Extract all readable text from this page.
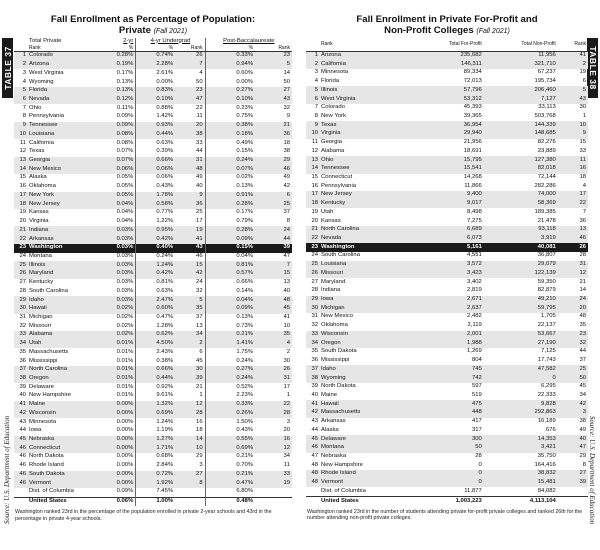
TABLE 37	TABLE 38
Source: U.S. Department of Education	Source: U.S. Department of Education
Fall Enrollment as Percentage of Population:
Private (Fall 2021)
	Total Private	2-yr	4-yr Undergrad		Post-Baccalaureate	
	Rank	%	%	Rank	%	Rank
1	Colorado	0.28%	0.74%	26	0.33%	23
2	Arizona	0.19%	2.28%	7	0.94%	5
3	West Virginia	0.17%	2.61%	4	0.60%	14
4	Wyoming	0.13%	0.00%	50	0.00%	50
5	Florida	0.13%	0.83%	23	0.27%	27
6	Nevada	0.12%	0.10%	47	0.10%	43
7	Ohio	0.11%	0.88%	22	0.23%	32
8	Pennsylvania	0.09%	1.42%	11	0.75%	9
9	Tennessee	0.09%	0.93%	20	0.38%	21
10	Louisiana	0.08%	0.44%	38	0.18%	36
11	California	0.08%	0.63%	33	0.49%	18
12	Texas	0.07%	0.39%	44	0.15%	38
13	Georgia	0.07%	0.66%	31	0.24%	29
14	New Mexico	0.06%	0.06%	48	0.07%	46
15	Alaska	0.05%	0.06%	49	0.02%	49
16	Oklahoma	0.05%	0.43%	40	0.13%	42
17	New York	0.05%	1.78%	9	0.91%	6
18	New Jersey	0.04%	0.58%	36	0.28%	25
19	Kansas	0.04%	0.77%	25	0.17%	37
20	Virginia	0.04%	1.22%	17	0.79%	8
21	Indiana	0.03%	0.95%	19	0.28%	24
22	Arkansas	0.03%	0.42%	41	0.09%	44
23	Washington	0.03%	0.40%	43	0.15%	39
24	Montana	0.03%	0.24%	46	0.04%	47
25	Illinois	0.03%	1.24%	15	0.81%	7
26	Maryland	0.03%	0.42%	42	0.57%	15
27	Kentucky	0.03%	0.81%	24	0.66%	13
28	South Carolina	0.03%	0.63%	32	0.14%	40
29	Idaho	0.03%	2.47%	5	0.04%	48
30	Hawaii	0.02%	0.60%	35	0.09%	45
31	Michigan	0.02%	0.47%	37	0.13%	41
32	Missouri	0.02%	1.28%	13	0.73%	10
33	Alabama	0.02%	0.62%	34	0.21%	35
34	Utah	0.01%	4.50%	2	1.41%	4
35	Massachusetts	0.01%	2.43%	6	1.75%	2
36	Mississippi	0.01%	0.38%	45	0.24%	30
37	North Carolina	0.01%	0.66%	30	0.27%	26
38	Oregon	0.01%	0.44%	39	0.24%	31
39	Delaware	0.01%	0.92%	21	0.52%	17
40	New Hampshire	0.01%	9.61%	1	2.23%	1
41	Maine	0.00%	1.32%	12	0.33%	22
42	Wisconsin	0.00%	0.69%	28	0.26%	28
43	Minnesota	0.00%	1.24%	16	1.50%	3
44	Iowa	0.00%	1.19%	18	0.43%	20
45	Nebraska	0.00%	1.27%	14	0.55%	16
46	Connecticut	0.00%	1.71%	10	0.69%	12
46	North Dakota	0.00%	0.68%	29	0.21%	34
46	Rhode Island	0.00%	2.84%	3	0.70%	11
46	South Dakota	0.00%	0.72%	27	0.21%	33
46	Vermont	0.00%	1.92%	8	0.47%	19
	Dist. of Columbia	0.09%	7.45%		6.80%	
	United States	0.06%	1.00%		0.48%	
Washington ranked 23rd in the percentage of the population enrolled in private 2-year schools and 43rd in the percentage in private 4-year schools.
Fall Enrollment in Private For-Profit and
Non-Profit Colleges (Fall 2021)
	Rank	Total For-Profit	Total Non-Profit	Rank
1	Arizona	235,682	11,956	41
2	California	146,311	321,710	2
3	Minnesota	89,334	67,237	19
4	Florida	72,013	195,734	6
5	Illinois	57,796	206,460	5
6	West Virginia	53,312	7,127	43
7	Colorado	45,393	33,113	30
8	New York	39,365	503,768	1
9	Texas	36,954	144,339	10
10	Virginia	29,940	148,685	9
11	Georgia	21,956	82,276	15
12	Alabama	18,691	23,889	33
13	Ohio	15,795	127,380	11
14	Tennessee	15,541	82,018	16
15	Connecticut	14,268	72,144	18
16	Pennsylvania	11,866	282,286	4
17	New Jersey	9,400	74,000	17
18	Kentucky	9,017	58,369	22
19	Utah	8,498	189,385	7
20	Kansas	7,275	21,478	36
21	North Carolina	6,689	93,118	13
22	Nevada	6,073	3,919	46
23	Washington	5,161	40,081	26
24	South Carolina	4,551	36,807	28
25	Louisiana	3,572	29,079	31
26	Missouri	3,423	122,139	12
27	Maryland	3,402	59,350	21
28	Indiana	2,819	82,879	14
29	Iowa	2,671	49,210	24
30	Michigan	2,637	59,795	20
31	New Mexico	2,482	1,705	48
32	Oklahoma	2,119	22,137	35
33	Wisconsin	2,001	53,667	23
34	Oregon	1,988	27,190	32
35	South Dakota	1,269	7,125	44
36	Mississippi	804	17,743	37
37	Idaho	745	47,582	25
38	Wyoming	742	0	50
39	North Dakota	597	6,295	45
40	Maine	519	22,333	34
41	Hawaii	475	9,828	42
42	Massachusetts	448	292,863	3
43	Arkansas	417	16,189	38
44	Alaska	317	676	49
45	Delaware	300	14,353	40
46	Montana	50	3,421	47
47	Nebraska	28	35,750	29
48	New Hampshire	0	164,416	8
48	Rhode Island	0	38,832	27
48	Vermont	0	15,481	39
	Dist. of Columbia	11,877	84,082	
	United States	1,003,223	4,113,104	
Washington ranked 23rd in the number of students attending private for-profit private colleges and ranked 26th for the number attending non-profit private colleges.
